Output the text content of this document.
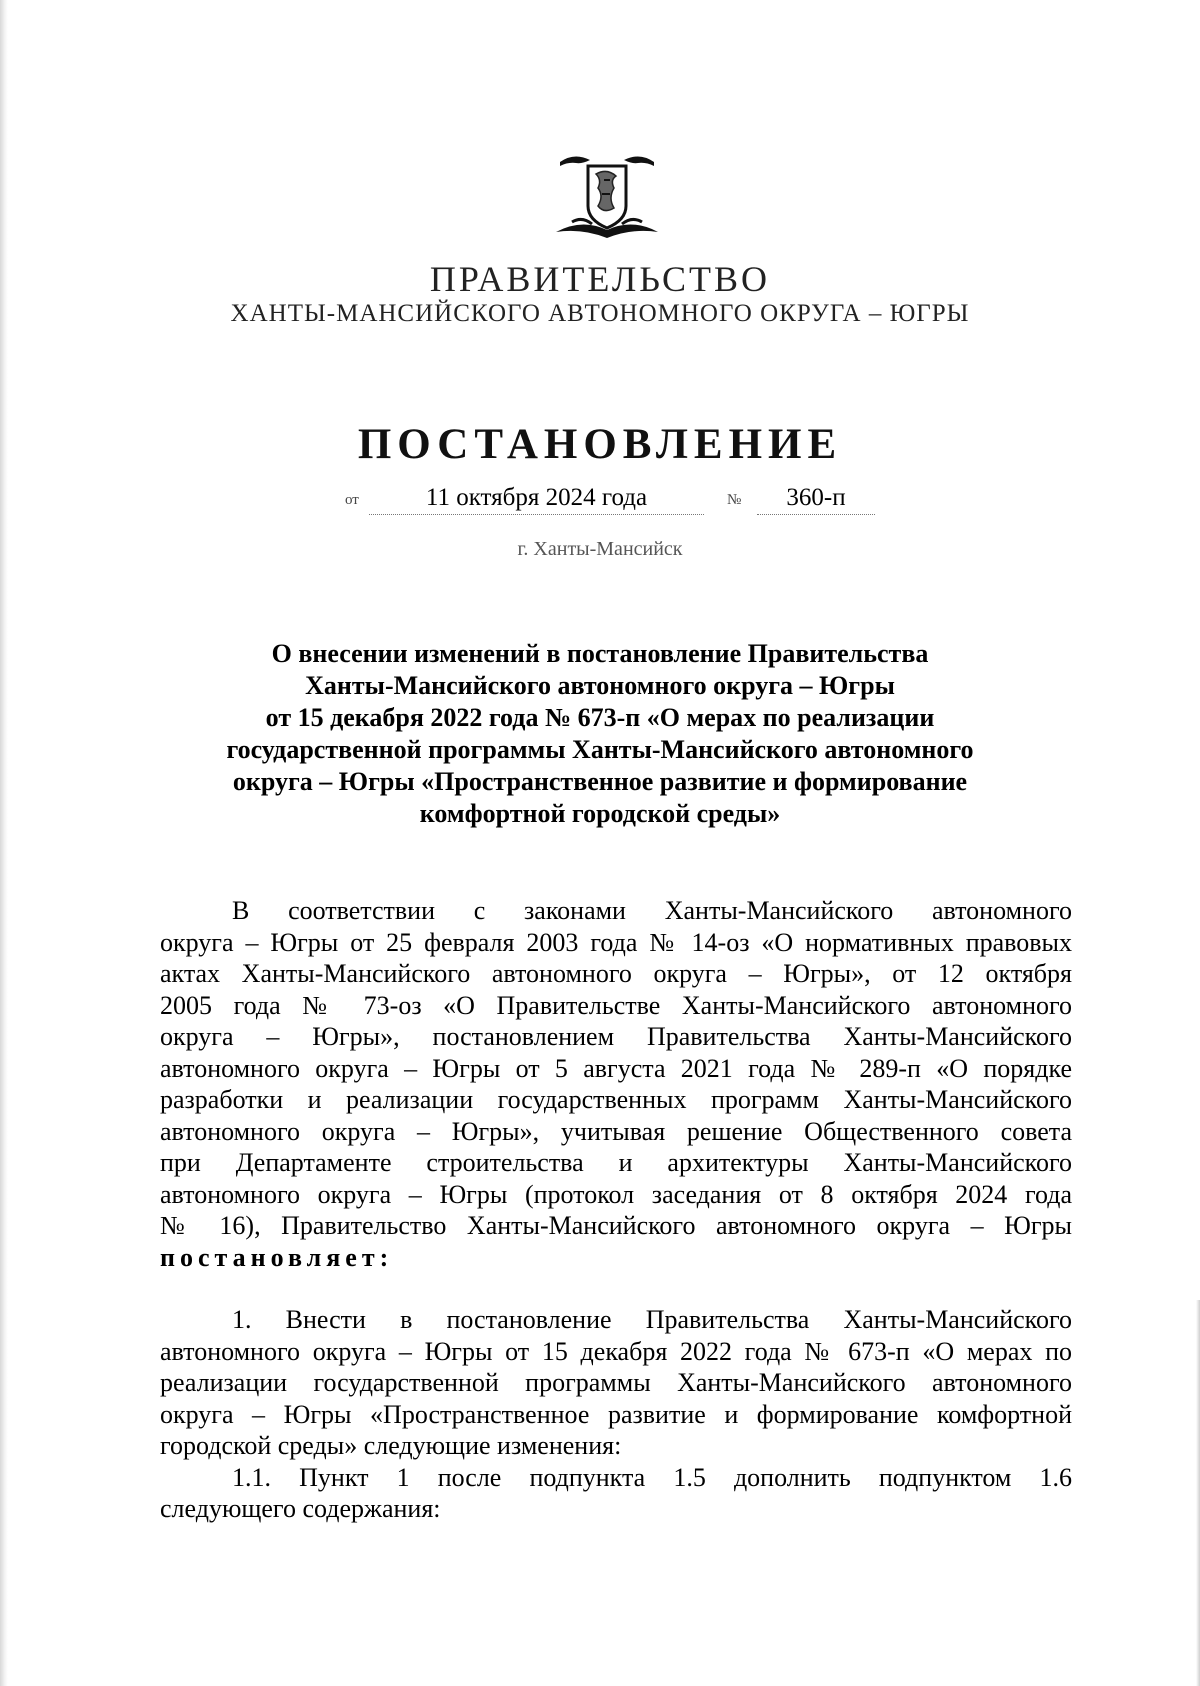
ПРАВИТЕЛЬСТВО
ХАНТЫ-МАНСИЙСКОГО АВТОНОМНОГО ОКРУГА – ЮГРЫ
ПОСТАНОВЛЕНИЕ
от	11 октября 2024 года	№	360-п
г. Ханты-Мансийск
О внесении изменений в постановление Правительства
Ханты-Мансийского автономного округа – Югры
от 15 декабря 2022 года № 673-п «О мерах по реализации
государственной программы Ханты-Мансийского автономного
округа – Югры «Пространственное развитие и формирование
комфортной городской среды»
В соответствии с законами Ханты-Мансийского автономного
округа – Югры от 25 февраля 2003 года № 14-оз «О нормативных правовых
актах Ханты-Мансийского автономного округа – Югры», от 12 октября
2005 года № 73-оз «О Правительстве Ханты-Мансийского автономного
округа – Югры», постановлением Правительства Ханты-Мансийского
автономного округа – Югры от 5 августа 2021 года № 289-п «О порядке
разработки и реализации государственных программ Ханты-Мансийского
автономного округа – Югры», учитывая решение Общественного совета
при Департаменте строительства и архитектуры Ханты-Мансийского
автономного округа – Югры (протокол заседания от 8 октября 2024 года
№ 16), Правительство Ханты-Мансийского автономного округа – Югры
постановляет:
1. Внести в постановление Правительства Ханты-Мансийского
автономного округа – Югры от 15 декабря 2022 года № 673-п «О мерах по
реализации государственной программы Ханты-Мансийского автономного
округа – Югры «Пространственное развитие и формирование комфортной
городской среды» следующие изменения:
1.1. Пункт 1 после подпункта 1.5 дополнить подпунктом 1.6
следующего содержания:
